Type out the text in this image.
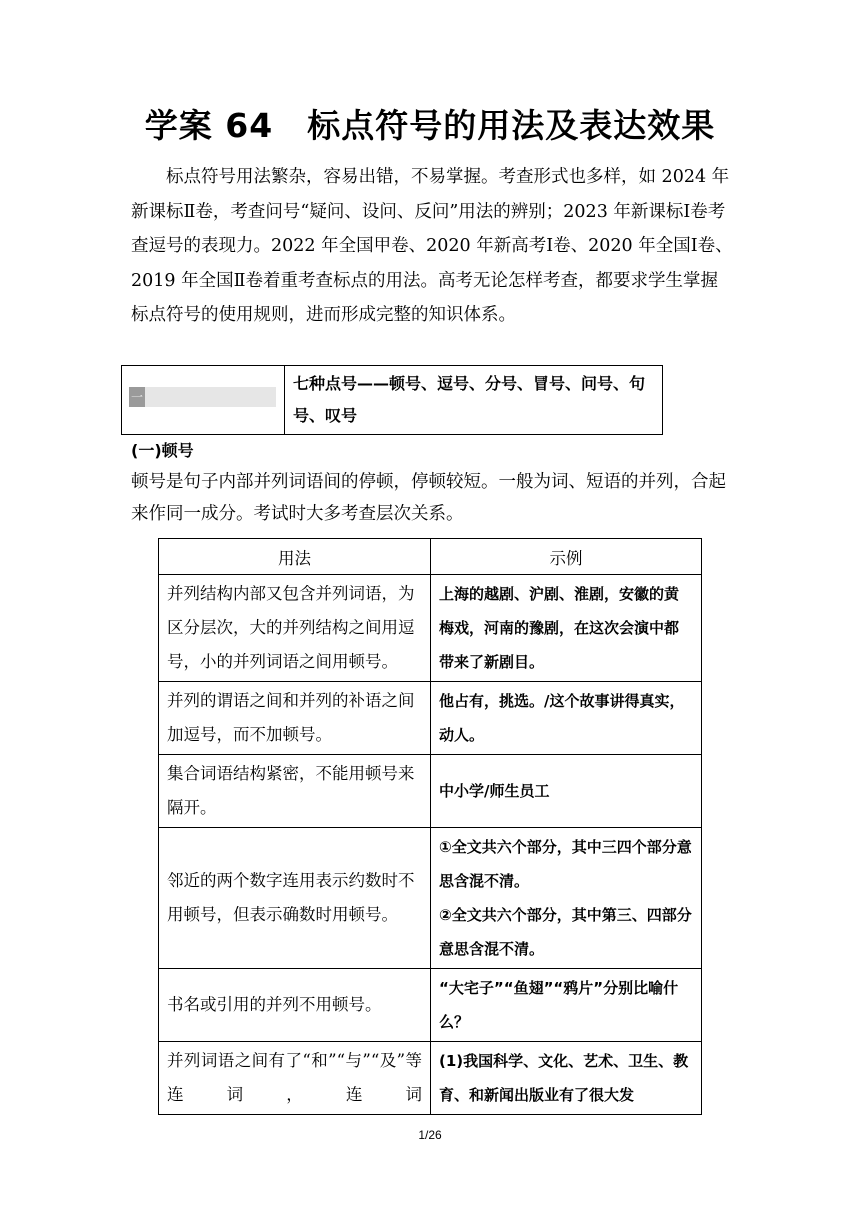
学案 64　标点符号的用法及表达效果

标点符号用法繁杂，容易出错，不易掌握。考查形式也多样，如 2024 年新课标Ⅱ卷，考查问号“疑问、设问、反问”用法的辨别；2023 年新课标Ⅰ卷考查逗号的表现力。2022 年全国甲卷、2020 年新高考Ⅰ卷、2020 年全国Ⅰ卷、2019 年全国Ⅱ卷着重考查标点的用法。高考无论怎样考查，都要求学生掌握标点符号的使用规则，进而形成完整的知识体系。

一
七种点号——顿号、逗号、分号、冒号、问号、句号、叹号
(一)顿号

顿号是句子内部并列词语间的停顿，停顿较短。一般为词、短语的并列，合起来作同一成分。考试时大多考查层次关系。

用法	示例
并列结构内部又包含并列词语，为区分层次，大的并列结构之间用逗号，小的并列词语之间用顿号。	上海的越剧、沪剧、淮剧，安徽的黄梅戏，河南的豫剧，在这次会演中都带来了新剧目。
并列的谓语之间和并列的补语之间加逗号，而不加顿号。	他占有，挑选。/这个故事讲得真实，动人。
集合词语结构紧密，不能用顿号来隔开。	中小学/师生员工
邻近的两个数字连用表示约数时不用顿号，但表示确数时用顿号。	①全文共六个部分，其中三四个部分意思含混不清。
②全文共六个部分，其中第三、四部分意思含混不清。

书名或引用的并列不用顿号。	“大宅子”“鱼翅”“鸦片”分别比喻什么？
并列词语之间有了“和”“与”“及”等连词，连词	(1)我国科学、文化、艺术、卫生、教育、和新闻出版业有了很大发
1/26
